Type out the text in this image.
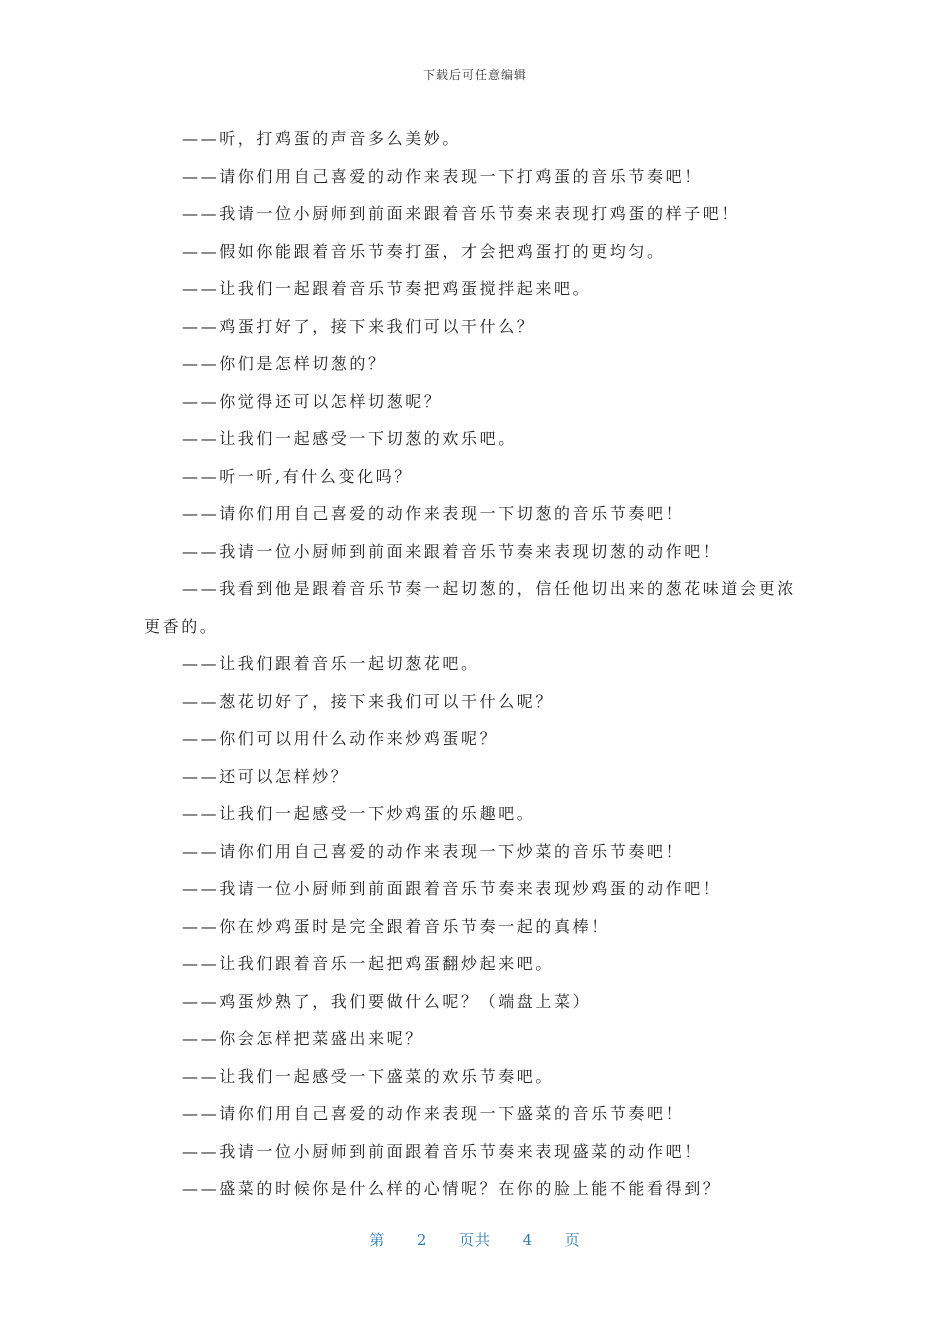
下载后可任意编辑

——听，打鸡蛋的声音多么美妙。

——请你们用自己喜爱的动作来表现一下打鸡蛋的音乐节奏吧！

——我请一位小厨师到前面来跟着音乐节奏来表现打鸡蛋的样子吧！

——假如你能跟着音乐节奏打蛋，才会把鸡蛋打的更均匀。

——让我们一起跟着音乐节奏把鸡蛋搅拌起来吧。

——鸡蛋打好了，接下来我们可以干什么？

——你们是怎样切葱的？

——你觉得还可以怎样切葱呢？

——让我们一起感受一下切葱的欢乐吧。

——听一听,有什么变化吗？

——请你们用自己喜爱的动作来表现一下切葱的音乐节奏吧！

——我请一位小厨师到前面来跟着音乐节奏来表现切葱的动作吧！

——我看到他是跟着音乐节奏一起切葱的，信任他切出来的葱花味道会更浓更香的。

——让我们跟着音乐一起切葱花吧。

——葱花切好了，接下来我们可以干什么呢？

——你们可以用什么动作来炒鸡蛋呢？

——还可以怎样炒？

——让我们一起感受一下炒鸡蛋的乐趣吧。

——请你们用自己喜爱的动作来表现一下炒菜的音乐节奏吧！

——我请一位小厨师到前面跟着音乐节奏来表现炒鸡蛋的动作吧！

——你在炒鸡蛋时是完全跟着音乐节奏一起的真棒！

——让我们跟着音乐一起把鸡蛋翻炒起来吧。

——鸡蛋炒熟了，我们要做什么呢？（端盘上菜）

——你会怎样把菜盛出来呢？

——让我们一起感受一下盛菜的欢乐节奏吧。

——请你们用自己喜爱的动作来表现一下盛菜的音乐节奏吧！

——我请一位小厨师到前面跟着音乐节奏来表现盛菜的动作吧！

——盛菜的时候你是什么样的心情呢？在你的脸上能不能看得到？

第 2 页共 4 页
